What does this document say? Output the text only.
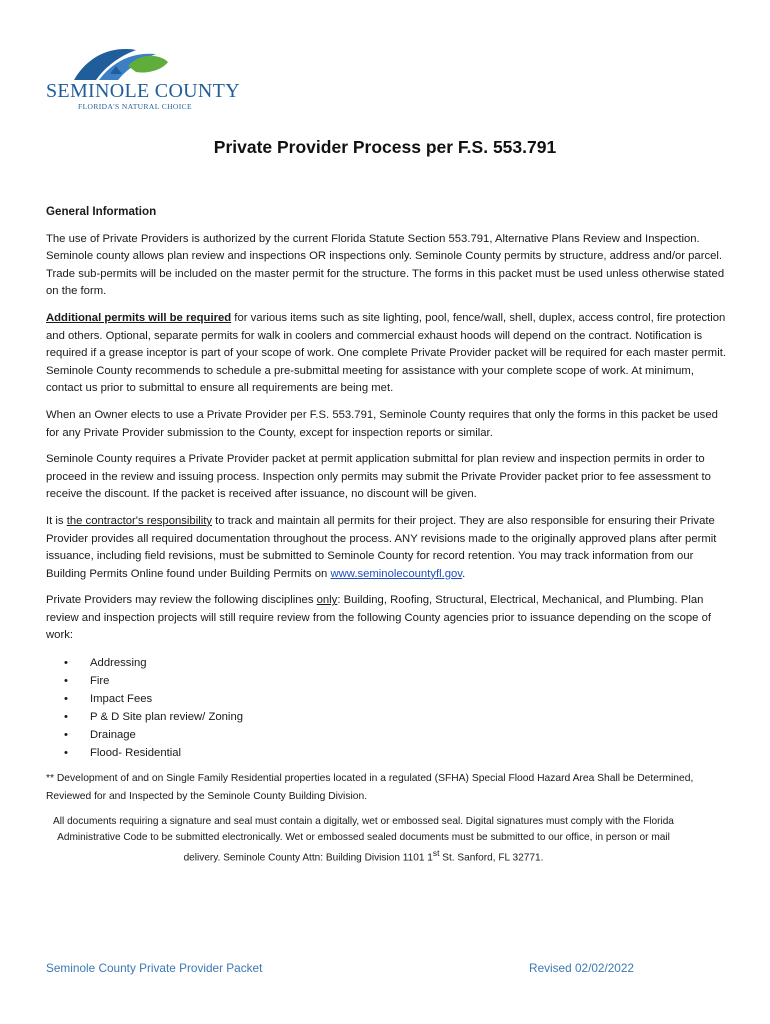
SEMINOLE COUNTY
FLORIDA'S NATURAL CHOICE
Private Provider Process per F.S. 553.791

General Information

The use of Private Providers is authorized by the current Florida Statute Section 553.791, Alternative Plans Review and Inspection. Seminole county allows plan review and inspections OR inspections only. Seminole County permits by structure, address and/or parcel. Trade sub-permits will be included on the master permit for the structure. The forms in this packet must be used unless otherwise stated on the form.

Additional permits will be required for various items such as site lighting, pool, fence/wall, shell, duplex, access control, fire protection and others. Optional, separate permits for walk in coolers and commercial exhaust hoods will depend on the contract. Notification is required if a grease inceptor is part of your scope of work. One complete Private Provider packet will be required for each master permit. Seminole County recommends to schedule a pre-submittal meeting for assistance with your complete scope of work. At minimum, contact us prior to submittal to ensure all requirements are being met.

When an Owner elects to use a Private Provider per F.S. 553.791, Seminole County requires that only the forms in this packet be used for any Private Provider submission to the County, except for inspection reports or similar.

Seminole County requires a Private Provider packet at permit application submittal for plan review and inspection permits in order to proceed in the review and issuing process. Inspection only permits may submit the Private Provider packet prior to fee assessment to receive the discount. If the packet is received after issuance, no discount will be given.

It is the contractor's responsibility to track and maintain all permits for their project. They are also responsible for ensuring their Private Provider provides all required documentation throughout the process. ANY revisions made to the originally approved plans after permit issuance, including field revisions, must be submitted to Seminole County for record retention. You may track information from our Building Permits Online found under Building Permits on www.seminolecountyfl.gov.

Private Providers may review the following disciplines only: Building, Roofing, Structural, Electrical, Mechanical, and Plumbing. Plan review and inspection projects will still require review from the following County agencies prior to issuance depending on the scope of work:

• Addressing
• Fire
• Impact Fees
• P & D Site plan review/ Zoning
• Drainage
• Flood- Residential

** Development of and on Single Family Residential properties located in a regulated (SFHA) Special Flood Hazard Area Shall be Determined, Reviewed for and Inspected by the Seminole County Building Division.

All documents requiring a signature and seal must contain a digitally, wet or embossed seal. Digital signatures must comply with the Florida Administrative Code to be submitted electronically. Wet or embossed sealed documents must be submitted to our office, in person or mail delivery. Seminole County Attn: Building Division 1101 1st St. Sanford, FL 32771.

Seminole County Private Provider Packet	Revised 02/02/2022
